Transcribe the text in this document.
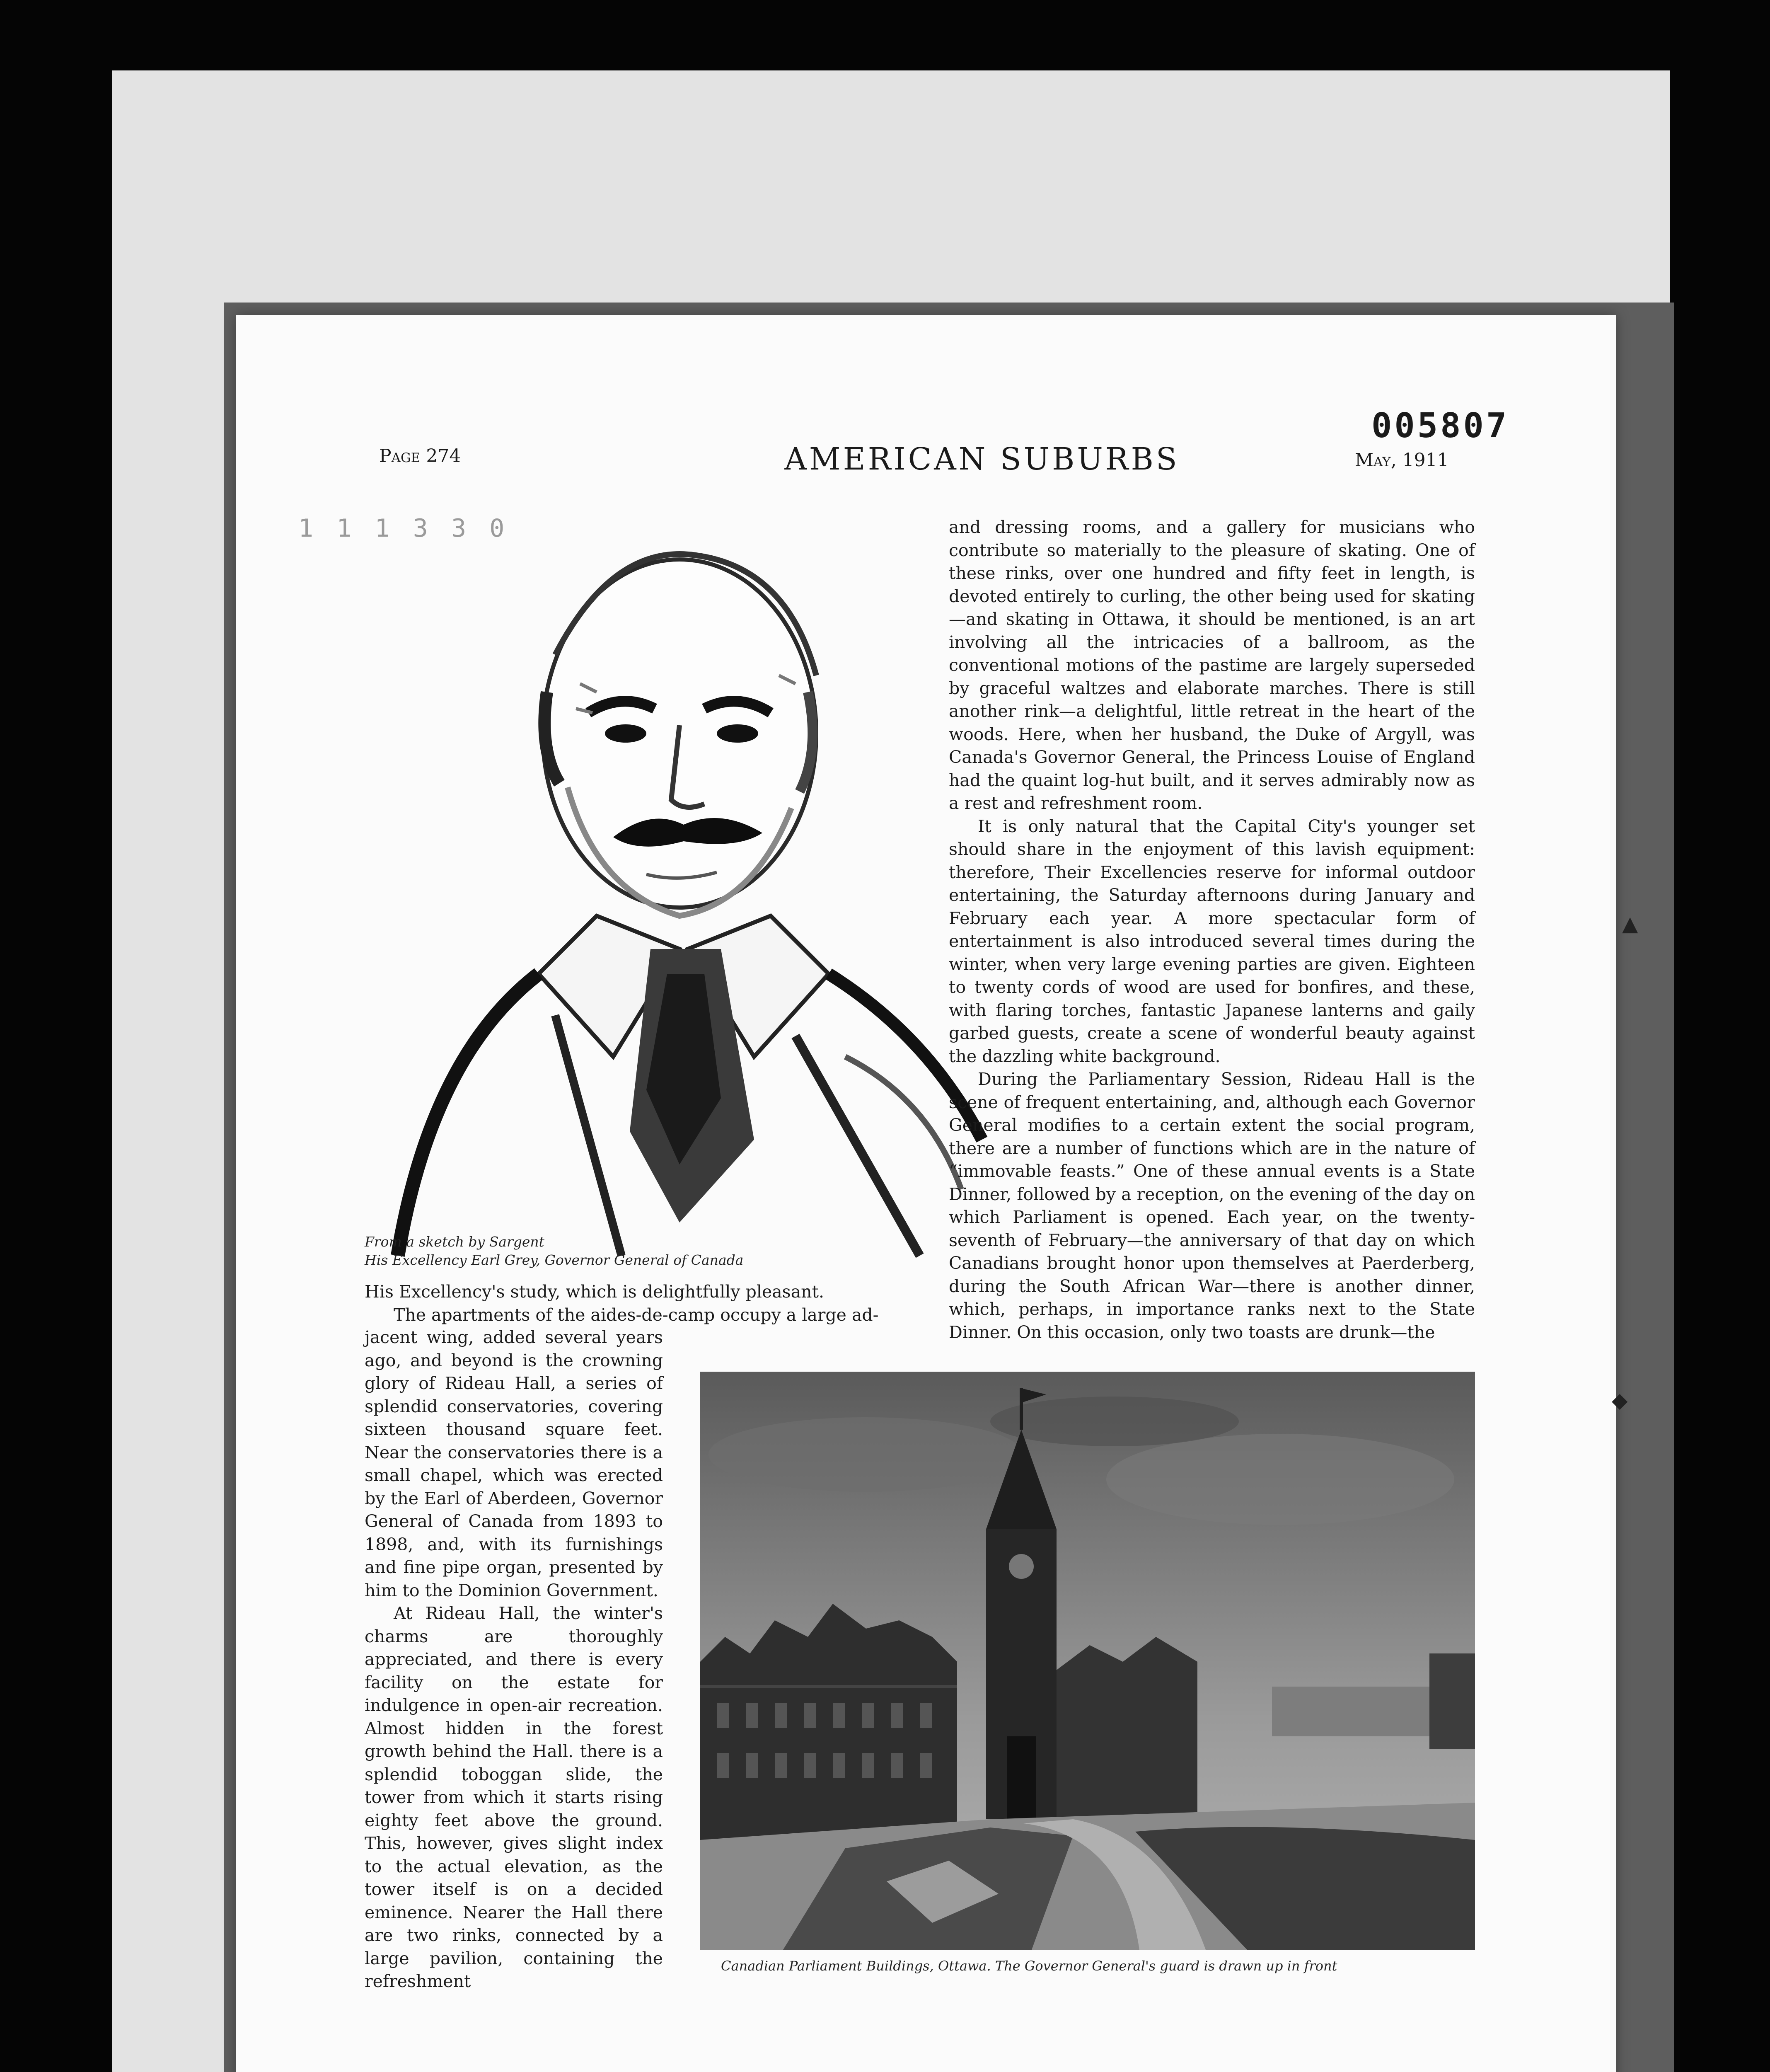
005807
Page 274	AMERICAN SUBURBS	May, 1911
1 1 1 3 3 0
From a sketch by Sargent
His Excellency Earl Grey, Governor General of Canada

and dressing rooms, and a gallery for musicians who contribute so materially to the pleasure of skating. One of these rinks, over one hundred and fifty feet in length, is devoted entirely to curling, the other being used for skating—and skating in Ottawa, it should be mentioned, is an art involving all the intricacies of a ballroom, as the conventional motions of the pastime are largely superseded by graceful waltzes and elaborate marches. There is still another rink—a delightful, little retreat in the heart of the woods. Here, when her husband, the Duke of Argyll, was Canada's Governor General, the Princess Louise of England had the quaint log-hut built, and it serves admirably now as a rest and refreshment room.

It is only natural that the Capital City's younger set should share in the enjoyment of this lavish equipment: therefore, Their Excellencies reserve for informal outdoor entertaining, the Saturday afternoons during January and February each year. A more spectacular form of entertainment is also introduced several times during the winter, when very large evening parties are given. Eighteen to twenty cords of wood are used for bonfires, and these, with flaring torches, fantastic Japanese lanterns and gaily garbed guests, create a scene of wonderful beauty against the dazzling white background.

During the Parliamentary Session, Rideau Hall is the scene of frequent entertaining, and, although each Governor General modifies to a certain extent the social program, there are a number of functions which are in the nature of “immovable feasts.” One of these annual events is a State Dinner, followed by a reception, on the evening of the day on which Parliament is opened. Each year, on the twenty-seventh of February—the anniversary of that day on which Canadians brought honor upon themselves at Paerderberg, during the South African War—there is another dinner, which, perhaps, in importance ranks next to the State Dinner. On this occasion, only two toasts are drunk—the

His Excellency's study, which is delightfully pleasant.

The apartments of the aides-de-camp occupy a large ad-

jacent wing, added several years ago, and beyond is the crowning glory of Rideau Hall, a series of splendid conservatories, covering sixteen thousand square feet. Near the conservatories there is a small chapel, which was erected by the Earl of Aberdeen, Governor General of Canada from 1893 to 1898, and, with its furnishings and fine pipe organ, presented by him to the Dominion Government.

At Rideau Hall, the winter's charms are thoroughly appreciated, and there is every facility on the estate for indulgence in open-air recreation. Almost hidden in the forest growth behind the Hall. there is a splendid toboggan slide, the tower from which it starts rising eighty feet above the ground. This, however, gives slight index to the actual elevation, as the tower itself is on a decided eminence. Nearer the Hall there are two rinks, connected by a large pavilion, containing the refreshment

Canadian Parliament Buildings, Ottawa. The Governor General's guard is drawn up in front
▲
◆
